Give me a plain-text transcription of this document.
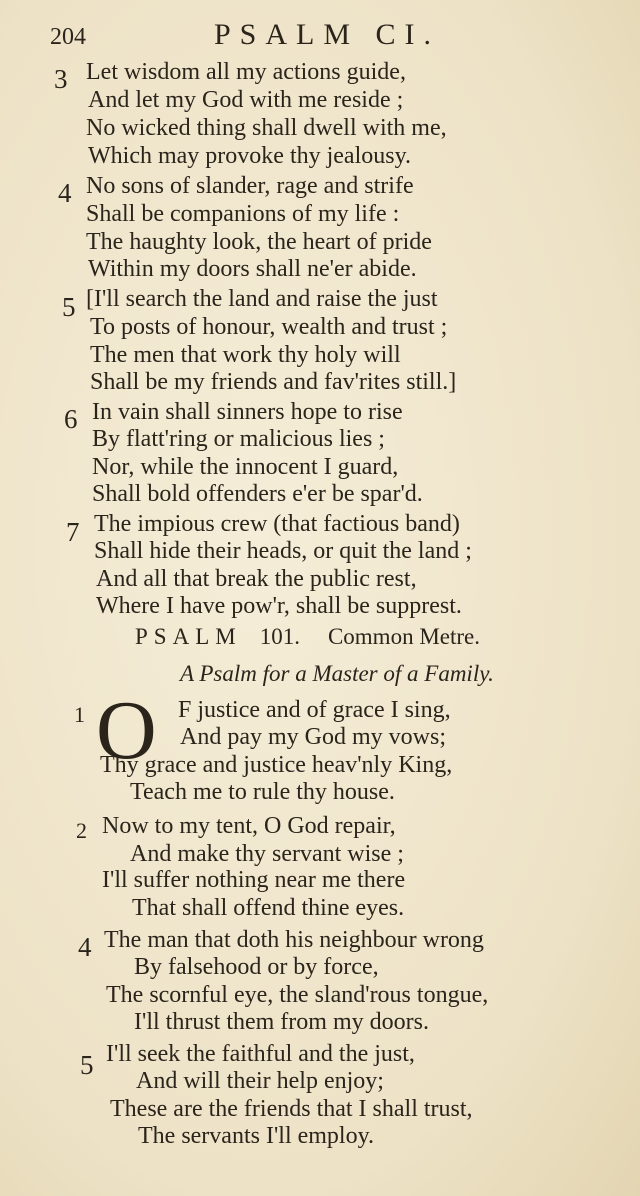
204	PSALM CI.
3 Let wisdom all my actions guide,
And let my God with me reside ;
No wicked thing shall dwell with me,
Which may provoke thy jealousy.
4 No sons of slander, rage and strife
Shall be companions of my life :
The haughty look, the heart of pride
Within my doors shall ne'er abide.
5 [I'll search the land and raise the just
To posts of honour, wealth and trust ;
The men that work thy holy will
Shall be my friends and fav'rites still.]
6 In vain shall sinners hope to rise
By flatt'ring or malicious lies ;
Nor, while the innocent I guard,
Shall bold offenders e'er be spar'd.
7 The impious crew (that factious band)
Shall hide their heads, or quit the land ;
And all that break the public rest,
Where I have pow'r, shall be supprest.
PSALM 101. Common Metre.
A Psalm for a Master of a Family.
1 O F justice and of grace I sing,
And pay my God my vows;
Thy grace and justice heav'nly King,
Teach me to rule thy house.
2 Now to my tent, O God repair,
And make thy servant wise ;
I'll suffer nothing near me there
That shall offend thine eyes.
4 The man that doth his neighbour wrong
By falsehood or by force,
The scornful eye, the sland'rous tongue,
I'll thrust them from my doors.
5 I'll seek the faithful and the just,
And will their help enjoy;
These are the friends that I shall trust,
The servants I'll employ.
